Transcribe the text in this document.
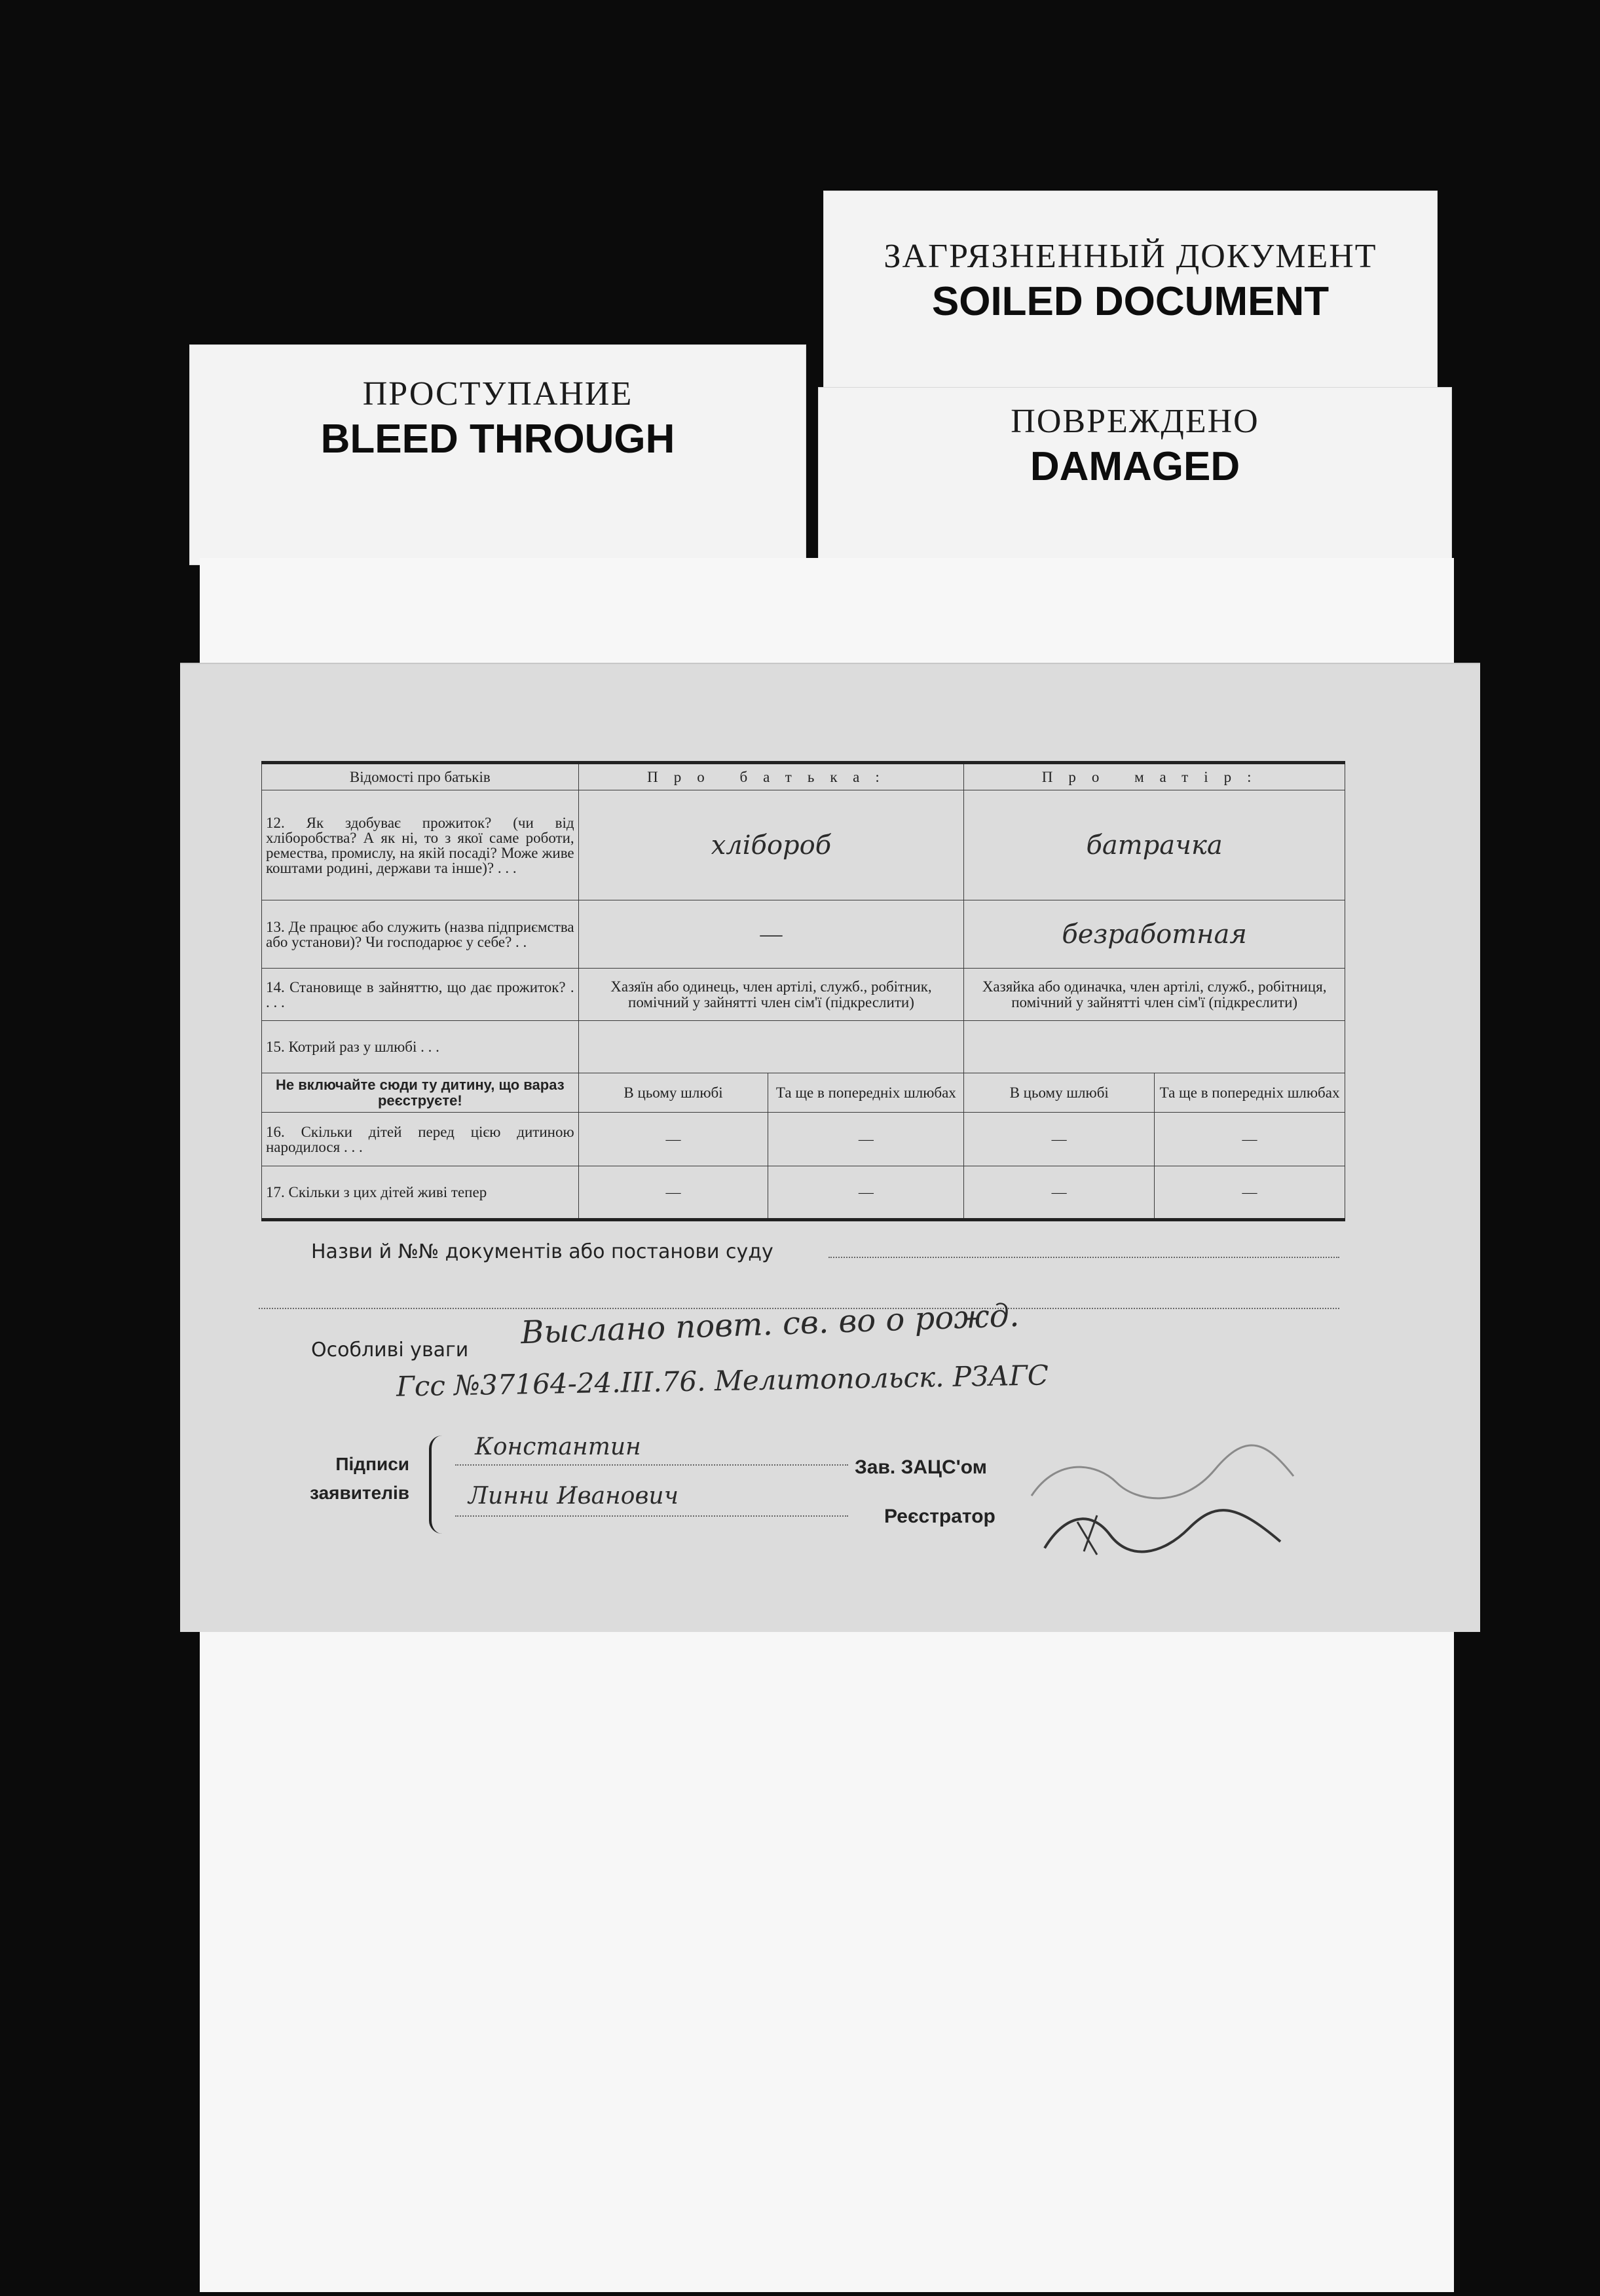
ЗАГРЯЗНЕННЫЙ ДОКУМЕНТ
SOILED DOCUMENT
ПРОСТУПАНИЕ
BLEED THROUGH	ПОВРЕЖДЕНО
DAMAGED
Відомості про батьків	Про батька:		Про матір:	
12. Як здобуває прожиток? (чи від хліборобства? А як ні, то з якої саме роботи, ремества, промислу, на якій посаді? Може живе коштами родині, держави та інше)? . . .	хлібороб		батрачка	
13. Де працює або служить (назва підприємства або установи)? Чи господарює у себе? . .	—		безработная	
14. Становище в зайняттю, що дає прожиток? . . . .	Хазяїн або одинець, член артілі, служб., робітник, помічний у зайнятті член сім'ї (підкреслити)		Хазяйка або одиначка, член артілі, служб., робітниця, помічний у зайнятті член сім'ї (підкреслити)	
15. Котрий раз у шлюбі . . .				
Не включайте сюди ту дитину, що вараз реєструєте!	В цьому шлюбі	Та ще в попередніх шлюбах	В цьому шлюбі	Та ще в попередніх шлюбах
16. Скільки дітей перед цією дитиною народилося . . .	—	—	—	—
17. Скільки з цих дітей живі тепер	—	—	—	—
Назви й №№ документів або постанови суду
Особливі уваги Выслано повт. св. во о рожд.
Гсс №37164-24.III.76. Мелитопольск. РЗАГС
Підписи заявителів
Константин
Линни Иванович
Зав. ЗАЦС'ом
Реєстратор
